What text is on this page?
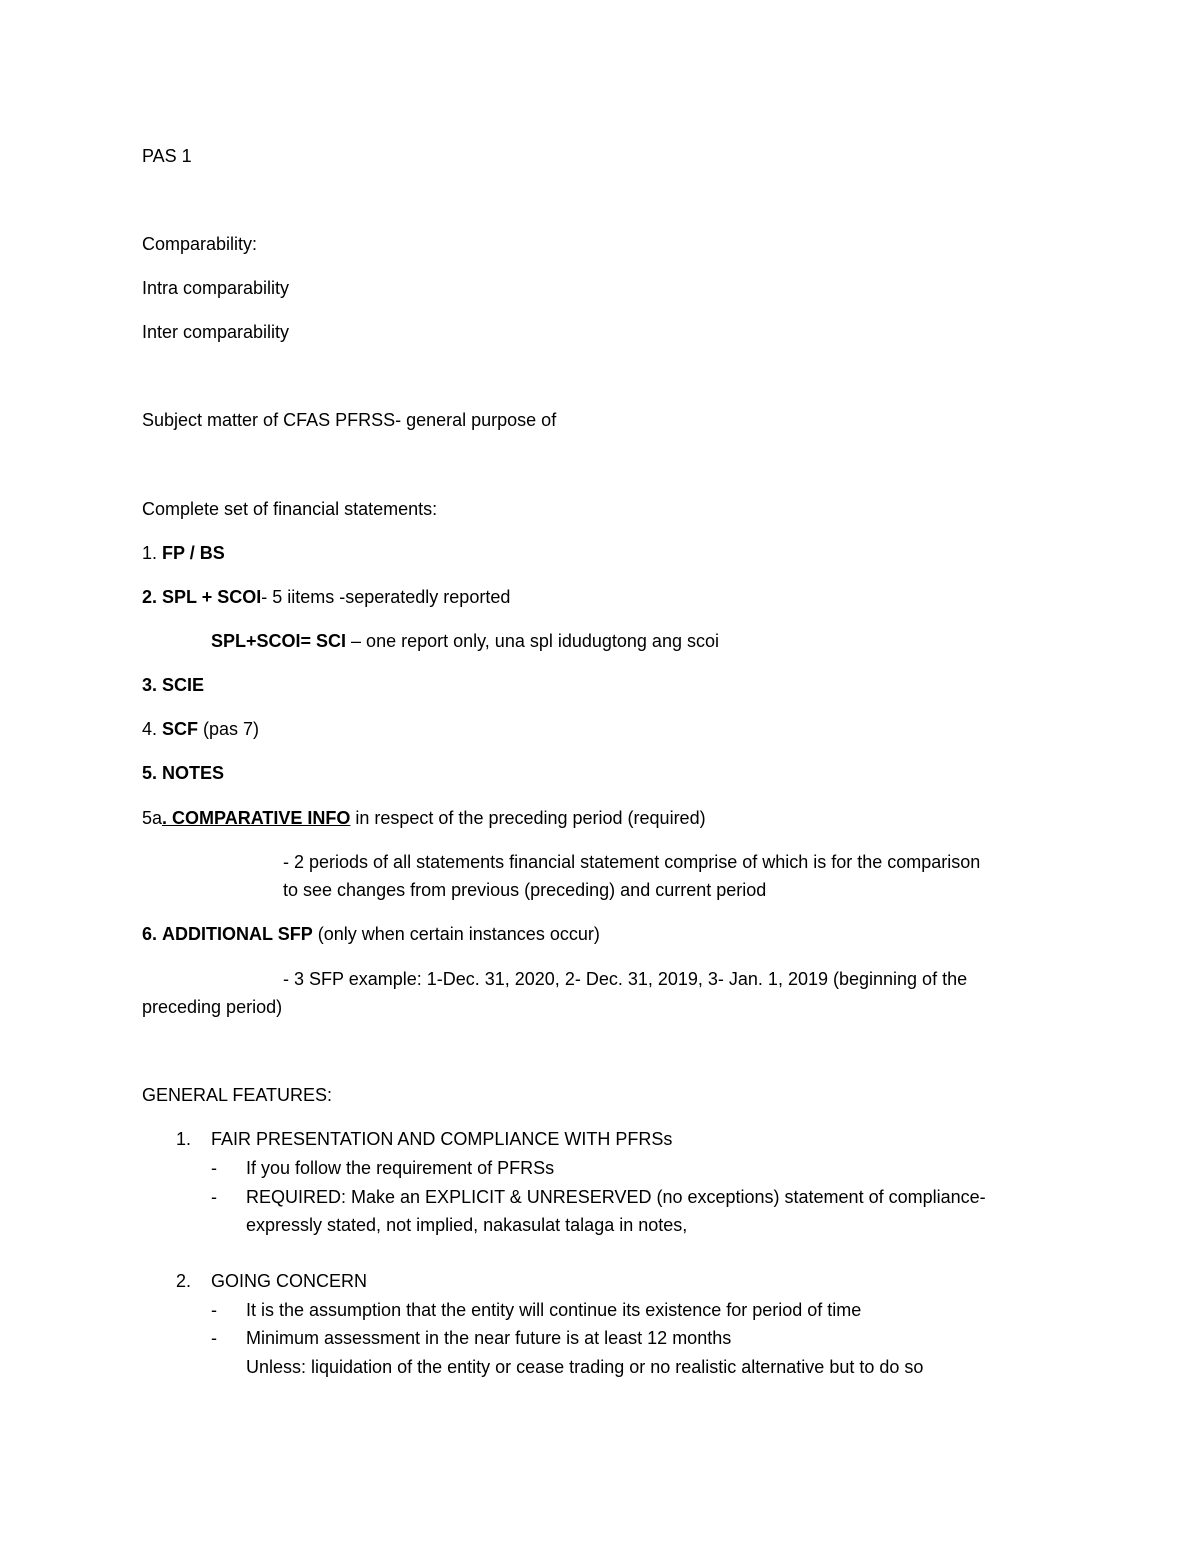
PAS 1
Comparability:
Intra comparability
Inter comparability
Subject matter of CFAS PFRSS- general purpose of
Complete set of financial statements:
1. FP / BS
2. SPL + SCOI- 5 iitems -seperatedly reported
SPL+SCOI= SCI – one report only, una spl idudugtong ang scoi
3. SCIE
4. SCF (pas 7)
5. NOTES
5a. COMPARATIVE INFO in respect of the preceding period (required)
- 2 periods of all statements financial statement comprise of which is for the comparison to see changes from previous (preceding) and current period
6. ADDITIONAL SFP (only when certain instances occur)
- 3 SFP example: 1-Dec. 31, 2020, 2- Dec. 31, 2019, 3- Jan. 1, 2019 (beginning of the
preceding period)
GENERAL FEATURES:
1. FAIR PRESENTATION AND COMPLIANCE WITH PFRSs
- If you follow the requirement of PFRSs
- REQUIRED: Make an EXPLICIT & UNRESERVED (no exceptions) statement of compliance- expressly stated, not implied, nakasulat talaga in notes,
2. GOING CONCERN
- It is the assumption that the entity will continue its existence for period of time
- Minimum assessment in the near future is at least 12 months
Unless: liquidation of the entity or cease trading or no realistic alternative but to do so
